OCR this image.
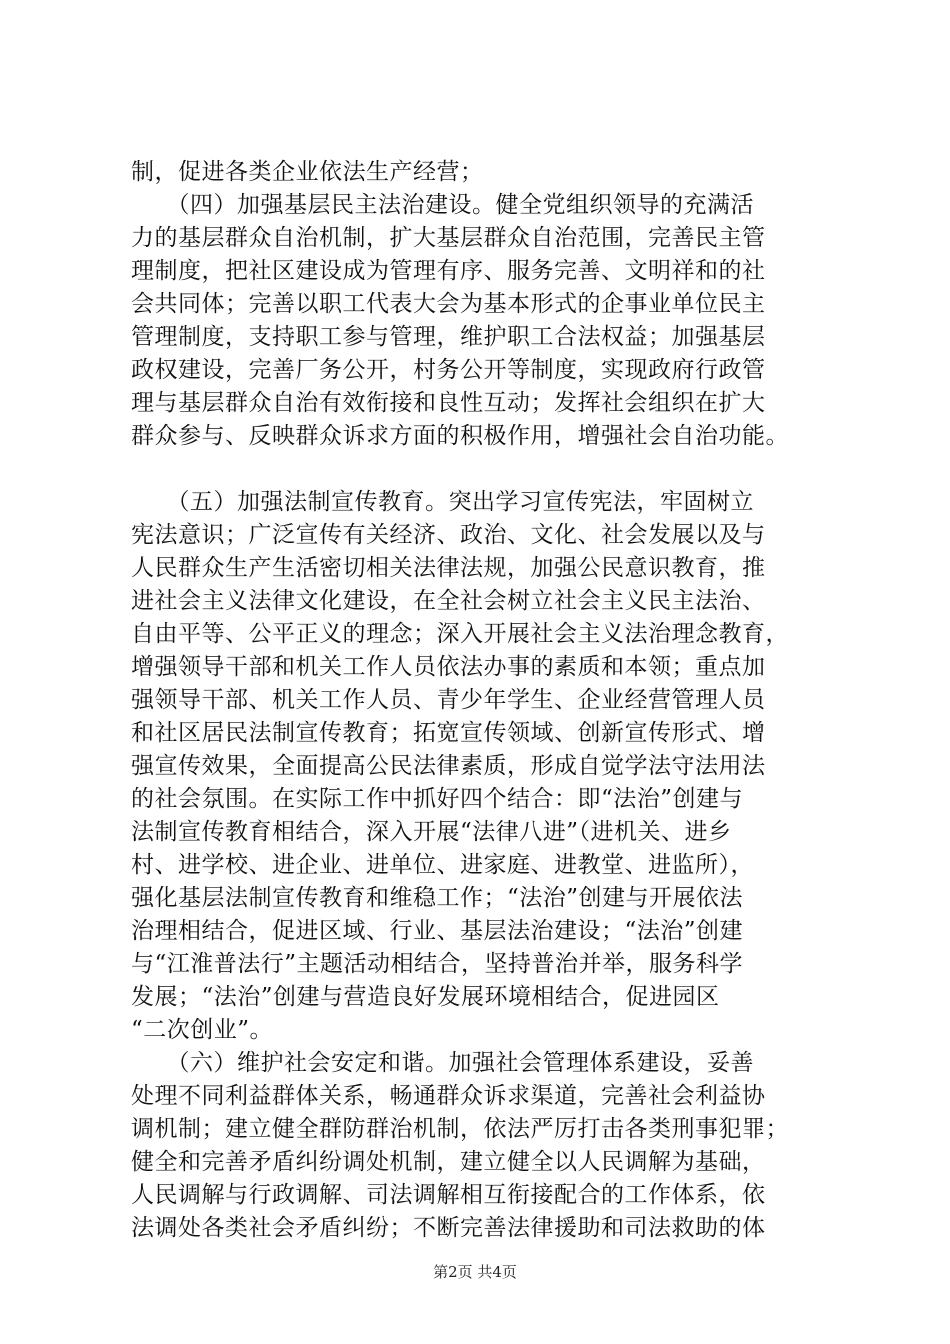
制，促进各类企业依法生产经营；
　　（四）加强基层民主法治建设。健全党组织领导的充满活
力的基层群众自治机制，扩大基层群众自治范围，完善民主管
理制度，把社区建设成为管理有序、服务完善、文明祥和的社
会共同体；完善以职工代表大会为基本形式的企事业单位民主
管理制度，支持职工参与管理，维护职工合法权益；加强基层
政权建设，完善厂务公开，村务公开等制度，实现政府行政管
理与基层群众自治有效衔接和良性互动；发挥社会组织在扩大
群众参与、反映群众诉求方面的积极作用，增强社会自治功能。
　　（五）加强法制宣传教育。突出学习宣传宪法，牢固树立
宪法意识；广泛宣传有关经济、政治、文化、社会发展以及与
人民群众生产生活密切相关法律法规，加强公民意识教育，推
进社会主义法律文化建设，在全社会树立社会主义民主法治、
自由平等、公平正义的理念；深入开展社会主义法治理念教育，
增强领导干部和机关工作人员依法办事的素质和本领；重点加
强领导干部、机关工作人员、青少年学生、企业经营管理人员
和社区居民法制宣传教育；拓宽宣传领域、创新宣传形式、增
强宣传效果，全面提高公民法律素质，形成自觉学法守法用法
的社会氛围。在实际工作中抓好四个结合：即“法治”创建与
法制宣传教育相结合，深入开展“法律八进”（进机关、进乡
村、进学校、进企业、进单位、进家庭、进教堂、进监所），
强化基层法制宣传教育和维稳工作；“法治”创建与开展依法
治理相结合，促进区域、行业、基层法治建设；“法治”创建
与“江淮普法行”主题活动相结合，坚持普治并举，服务科学
发展；“法治”创建与营造良好发展环境相结合，促进园区
“二次创业”。
　　（六）维护社会安定和谐。加强社会管理体系建设，妥善
处理不同利益群体关系，畅通群众诉求渠道，完善社会利益协
调机制；建立健全群防群治机制，依法严厉打击各类刑事犯罪；
健全和完善矛盾纠纷调处机制，建立健全以人民调解为基础，
人民调解与行政调解、司法调解相互衔接配合的工作体系，依
法调处各类社会矛盾纠纷；不断完善法律援助和司法救助的体
第2页 共4页
